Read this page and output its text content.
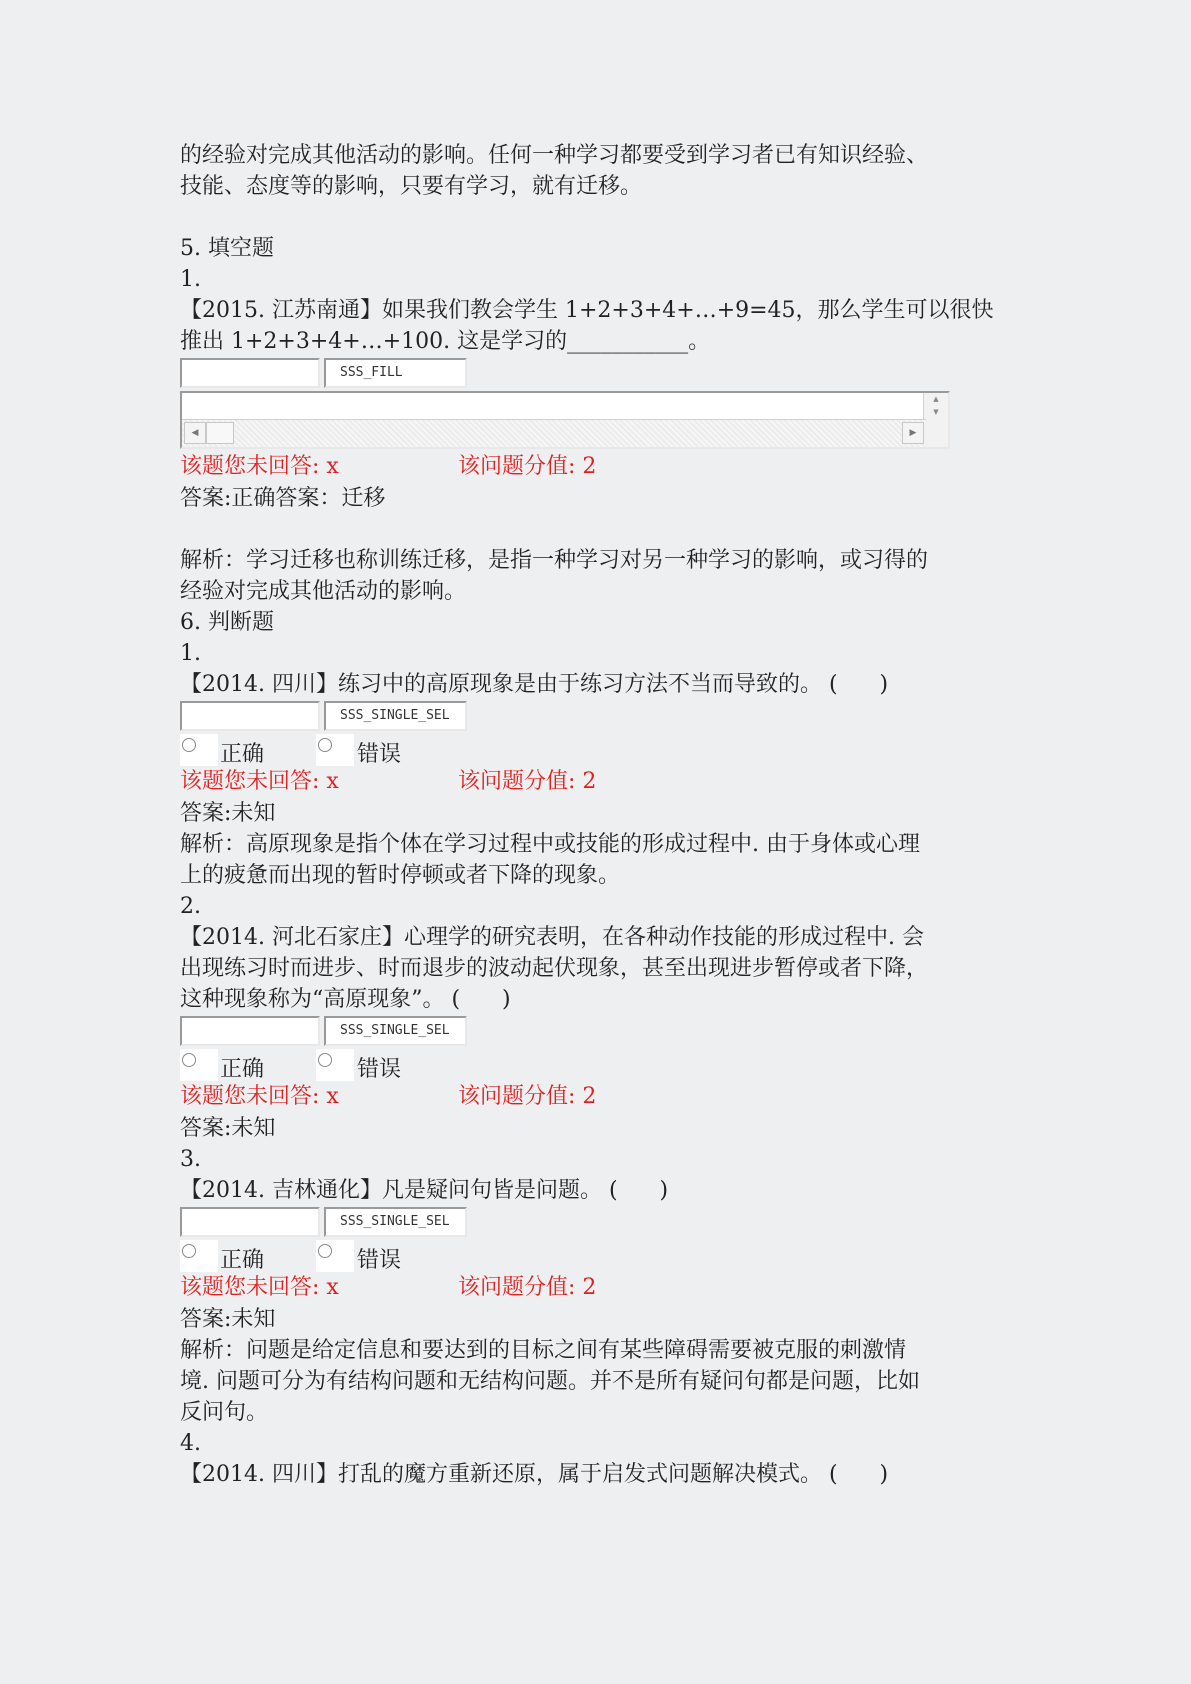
的经验对完成其他活动的影响。任何一种学习都要受到学习者已有知识经验、
技能、态度等的影响，只要有学习，就有迁移。
5. 填空题
1.
【2015. 江苏南通】如果我们教会学生 1+2+3+4+…+9=45，那么学生可以很快
推出 1+2+3+4+…+100. 这是学习的___________。
SSS_FILL
▲
▼
◀	▶
该题您未回答: x	该问题分值: 2
答案:正确答案：迁移
解析：学习迁移也称训练迁移，是指一种学习对另一种学习的影响，或习得的
经验对完成其他活动的影响。
6. 判断题
1.
【2014. 四川】练习中的高原现象是由于练习方法不当而导致的。 (      )
SSS_SINGLE_SEL
正确	错误
该题您未回答: x	该问题分值: 2
答案:未知
解析：高原现象是指个体在学习过程中或技能的形成过程中. 由于身体或心理
上的疲惫而出现的暂时停顿或者下降的现象。
2.
【2014. 河北石家庄】心理学的研究表明，在各种动作技能的形成过程中. 会
出现练习时而进步、时而退步的波动起伏现象，甚至出现进步暂停或者下降，
这种现象称为“高原现象”。 (      )
SSS_SINGLE_SEL
正确	错误
该题您未回答: x	该问题分值: 2
答案:未知
3.
【2014. 吉林通化】凡是疑问句皆是问题。 (      )
SSS_SINGLE_SEL
正确	错误
该题您未回答: x	该问题分值: 2
答案:未知
解析：问题是给定信息和要达到的目标之间有某些障碍需要被克服的刺激情
境. 问题可分为有结构问题和无结构问题。并不是所有疑问句都是问题，比如
反问句。
4.
【2014. 四川】打乱的魔方重新还原，属于启发式问题解决模式。 (      )
